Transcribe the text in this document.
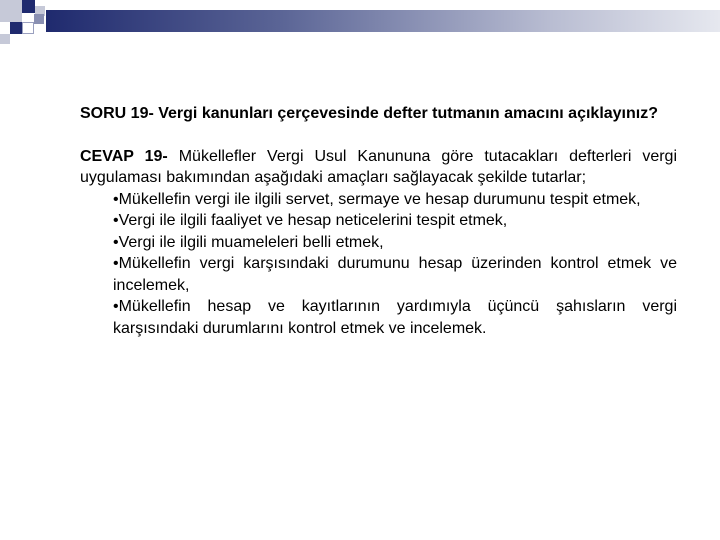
SORU 19- Vergi kanunları çerçevesinde defter tutmanın amacını açıklayınız?

CEVAP 19- Mükellefler Vergi Usul Kanununa göre tutacakları defterleri vergi uygulaması bakımından aşağıdaki amaçları sağlayacak şekilde tutarlar;

•Mükellefin vergi ile ilgili servet, sermaye ve hesap durumunu tespit etmek,
•Vergi ile ilgili faaliyet ve hesap neticelerini tespit etmek,
•Vergi ile ilgili muameleleri belli etmek,
•Mükellefin vergi karşısındaki durumunu hesap üzerinden kontrol etmek ve incelemek,
•Mükellefin hesap ve kayıtlarının yardımıyla üçüncü şahısların vergi karşısındaki durumlarını kontrol etmek ve incelemek.
